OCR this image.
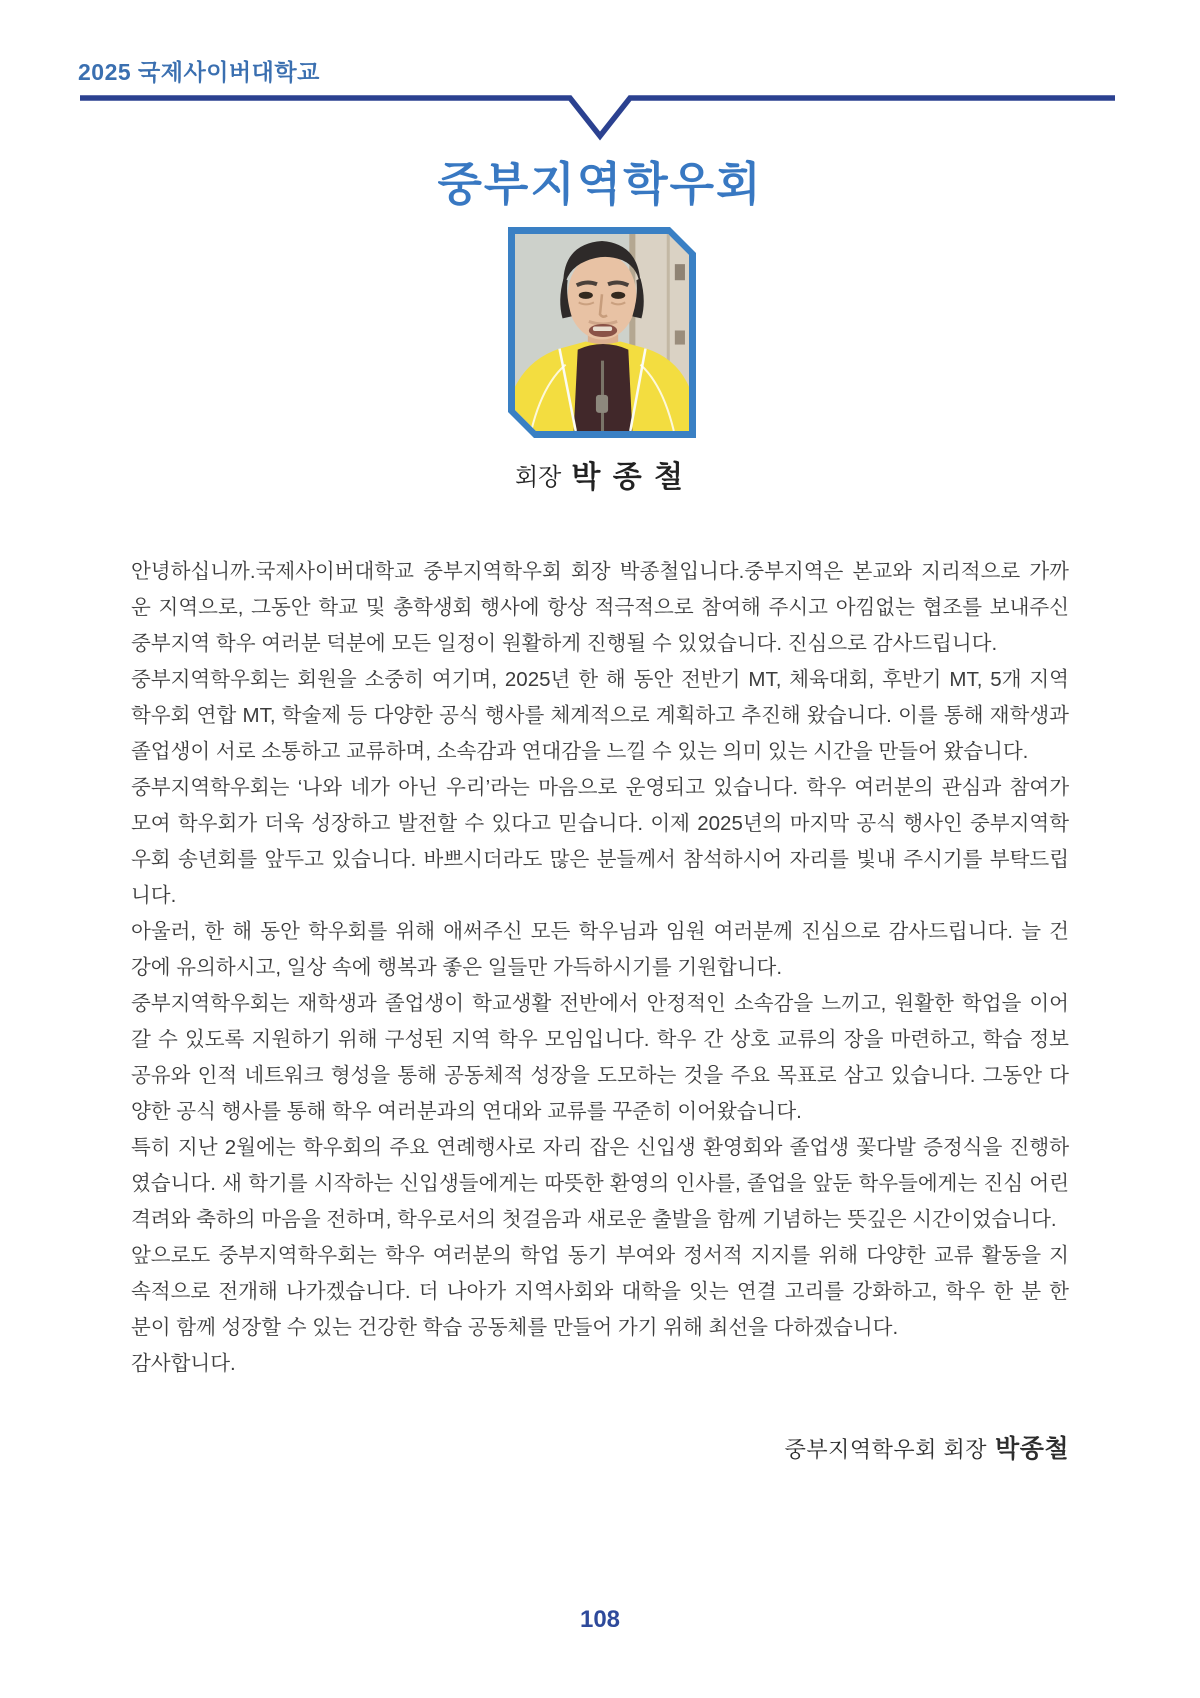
2025 국제사이버대학교
중부지역학우회
회장 박 종 철

안녕하십니까.국제사이버대학교 중부지역학우회 회장 박종철입니다.중부지역은 본교와 지리적으로 가까

운 지역으로, 그동안 학교 및 총학생회 행사에 항상 적극적으로 참여해 주시고 아낌없는 협조를 보내주신

중부지역 학우 여러분 덕분에 모든 일정이 원활하게 진행될 수 있었습니다. 진심으로 감사드립니다.

중부지역학우회는 회원을 소중히 여기며, 2025년 한 해 동안 전반기 MT, 체육대회, 후반기 MT, 5개 지역

학우회 연합 MT, 학술제 등 다양한 공식 행사를 체계적으로 계획하고 추진해 왔습니다. 이를 통해 재학생과

졸업생이 서로 소통하고 교류하며, 소속감과 연대감을 느낄 수 있는 의미 있는 시간을 만들어 왔습니다.

중부지역학우회는 ‘나와 네가 아닌 우리’라는 마음으로 운영되고 있습니다. 학우 여러분의 관심과 참여가

모여 학우회가 더욱 성장하고 발전할 수 있다고 믿습니다. 이제 2025년의 마지막 공식 행사인 중부지역학

우회 송년회를 앞두고 있습니다. 바쁘시더라도 많은 분들께서 참석하시어 자리를 빛내 주시기를 부탁드립

니다.

아울러, 한 해 동안 학우회를 위해 애써주신 모든 학우님과 임원 여러분께 진심으로 감사드립니다. 늘 건

강에 유의하시고, 일상 속에 행복과 좋은 일들만 가득하시기를 기원합니다.

중부지역학우회는 재학생과 졸업생이 학교생활 전반에서 안정적인 소속감을 느끼고, 원활한 학업을 이어

갈 수 있도록 지원하기 위해 구성된 지역 학우 모임입니다. 학우 간 상호 교류의 장을 마련하고, 학습 정보

공유와 인적 네트워크 형성을 통해 공동체적 성장을 도모하는 것을 주요 목표로 삼고 있습니다. 그동안 다

양한 공식 행사를 통해 학우 여러분과의 연대와 교류를 꾸준히 이어왔습니다.

특히 지난 2월에는 학우회의 주요 연례행사로 자리 잡은 신입생 환영회와 졸업생 꽃다발 증정식을 진행하

였습니다. 새 학기를 시작하는 신입생들에게는 따뜻한 환영의 인사를, 졸업을 앞둔 학우들에게는 진심 어린

격려와 축하의 마음을 전하며, 학우로서의 첫걸음과 새로운 출발을 함께 기념하는 뜻깊은 시간이었습니다.

앞으로도 중부지역학우회는 학우 여러분의 학업 동기 부여와 정서적 지지를 위해 다양한 교류 활동을 지

속적으로 전개해 나가겠습니다. 더 나아가 지역사회와 대학을 잇는 연결 고리를 강화하고, 학우 한 분 한

분이 함께 성장할 수 있는 건강한 학습 공동체를 만들어 가기 위해 최선을 다하겠습니다.

감사합니다.

중부지역학우회 회장 박종철
108
